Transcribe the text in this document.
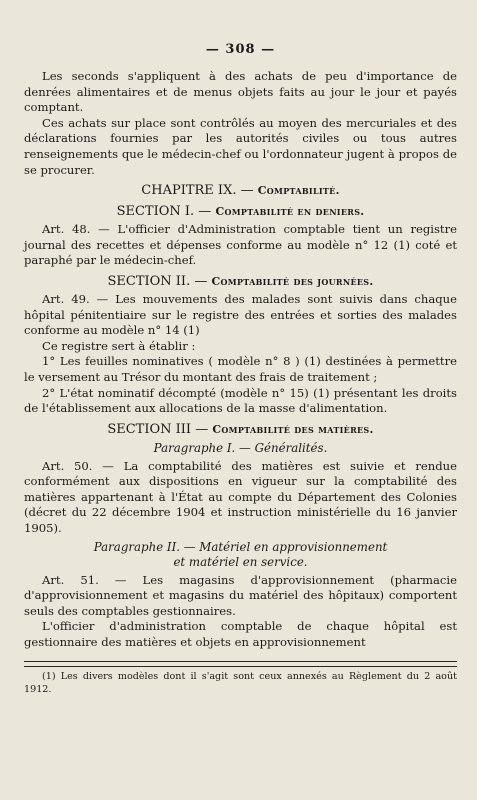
— 308 —

Les seconds s'appliquent à des achats de peu d'importance de denrées alimentaires et de menus objets faits au jour le jour et payés comptant.

Ces achats sur place sont contrôlés au moyen des mercuriales et des déclarations fournies par les autorités civiles ou tous autres renseignements que le médecin-chef ou l'ordonnateur jugent à propos de se procurer.

CHAPITRE IX. — Comptabilité.
SECTION I. — Comptabilité en deniers.

Art. 48. — L'officier d'Administration comptable tient un registre journal des recettes et dépenses conforme au modèle n° 12 (1) coté et paraphé par le médecin-chef.

SECTION II. — Comptabilité des journées.

Art. 49. — Les mouvements des malades sont suivis dans chaque hôpital pénitentiaire sur le registre des entrées et sorties des malades conforme au modèle n° 14 (1)

Ce registre sert à établir :

1° Les feuilles nominatives ( modèle n° 8 ) (1) destinées à permettre le versement au Trésor du montant des frais de traitement ;

2° L'état nominatif décompté (modèle n° 15) (1) présentant les droits de l'établissement aux allocations de la masse d'alimentation.

SECTION III — Comptabilité des matières.
Paragraphe I. — Généralités.

Art. 50. — La comptabilité des matières est suivie et rendue conformément aux dispositions en vigueur sur la comptabilité des matières appartenant à l'État au compte du Département des Colonies (décret du 22 décembre 1904 et instruction ministérielle du 16 janvier 1905).

Paragraphe II. — Matériel en approvisionnement
et matériel en service.

Art. 51. — Les magasins d'approvisionnement (pharmacie d'approvisionnement et magasins du matériel des hôpitaux) comportent seuls des comptables gestionnaires.

L'officier d'administration comptable de chaque hôpital est gestionnaire des matières et objets en approvisionnement

(1) Les divers modèles dont il s'agit sont ceux annexés au Règlement du 2 août 1912.
